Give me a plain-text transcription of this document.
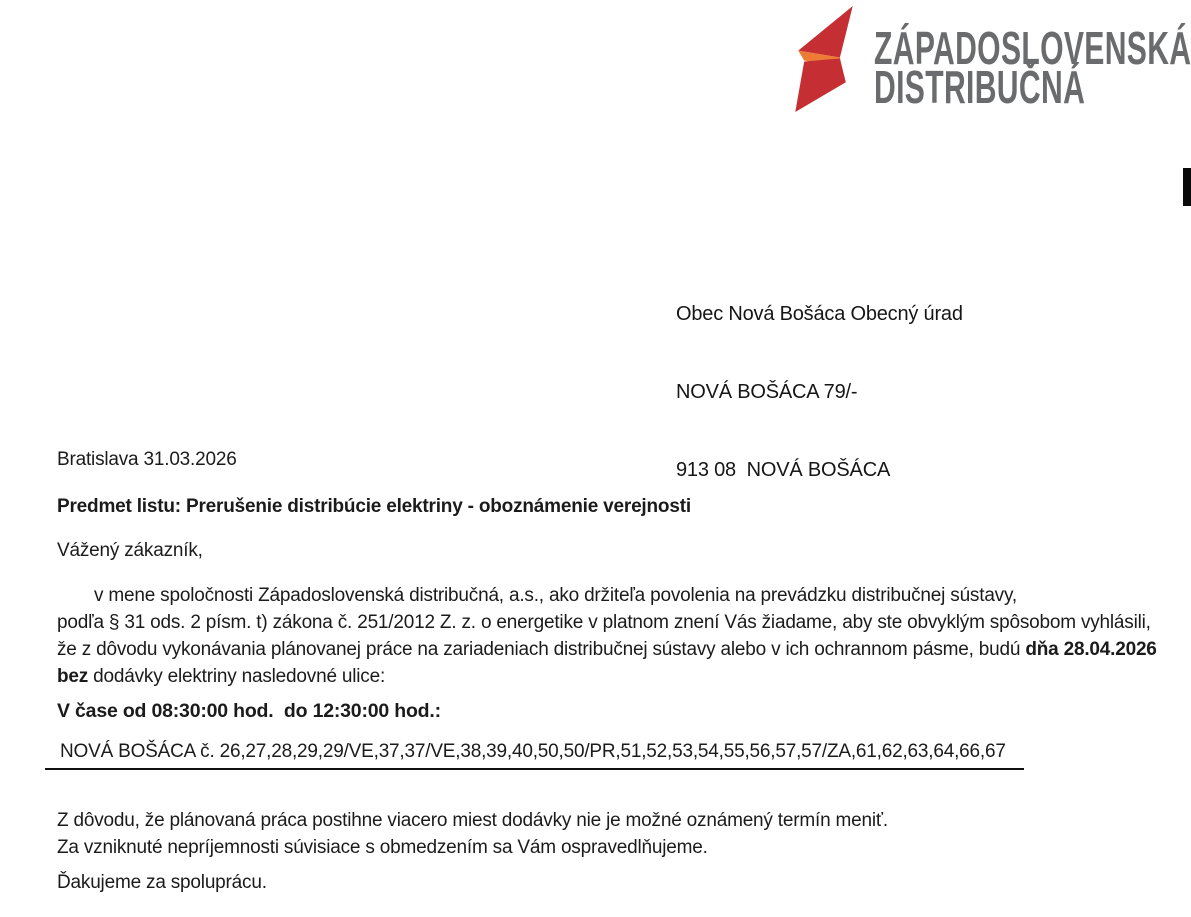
ZÁPADOSLOVENSKÁ
DISTRIBUČNÁ

Obec Nová Bošáca Obecný úrad

NOVÁ BOŠÁCA 79/-

913 08  NOVÁ BOŠÁCA

Bratislava 31.03.2026
Predmet listu: Prerušenie distribúcie elektriny - oboznámenie verejnosti
Vážený zákazník,
v mene spoločnosti Západoslovenská distribučná, a.s., ako držiteľa povolenia na prevádzku distribučnej sústavy,
podľa § 31 ods. 2 písm. t) zákona č. 251/2012 Z. z. o energetike v platnom znení Vás žiadame, aby ste obvyklým spôsobom vyhlásili,
že z dôvodu vykonávania plánovanej práce na zariadeniach distribučnej sústavy alebo v ich ochrannom pásme, budú dňa 28.04.2026
bez dodávky elektriny nasledovné ulice:
V čase od 08:30:00 hod.  do 12:30:00 hod.:
NOVÁ BOŠÁCA č. 26,27,28,29,29/VE,37,37/VE,38,39,40,50,50/PR,51,52,53,54,55,56,57,57/ZA,61,62,63,64,66,67
Z dôvodu, že plánovaná práca postihne viacero miest dodávky nie je možné oznámený termín meniť.
Za vzniknuté nepríjemnosti súvisiace s obmedzením sa Vám ospravedlňujeme.
Ďakujeme za spoluprácu.
